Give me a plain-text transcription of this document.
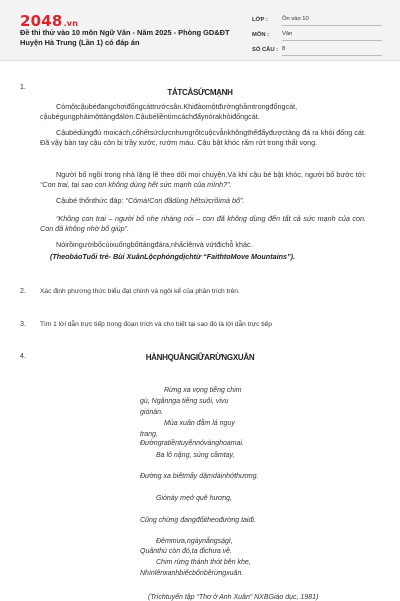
2048.vn
Đề thi thử vào 10 môn Ngữ Văn - Năm 2025 - Phòng GD&ĐT Huyện Hà Trung (Lần 1) có đáp án
LỚP : Ôn vào 10
MÔN : Văn
SỐ CÂU : 8
1.
TÁTCẢSỨCMẠNH
Cómộtcậubéđangchơiđốngcáttrướcsân.Khiđàomộtđườnghầmtrongđốngcát, cậubégụngphảimộttảngđálớn.Cậubéliềntìmcáchđẩynórakhỏiđốngcát.
Cậubédùngđủ moicách,cốhếtsứclựcnhưngrốtcuộcvẫnkhôngthểđẩyđượctảng đá ra khỏi đống cát. Đã vậy bàn tay cậu còn bị trầy xước, rướm máu. Cậu bật khóc rấm rứt trong thất vọng.
Người bố ngồi trong nhà lặng lẽ theo dõi mọi chuyện.Và khi cậu bé bật khóc, người bố bước tới: “Con trai, tại sao con không dùng hết sức mạnh của mình?”.
Cậubé thổnthức đáp: “Cómà!Con đãdùng hếtsứcrồimà bố”.
“Không con trai – người bố nhẹ nhàng nói – con đã không dùng đến tất cả sức mạnh của con. Con đã không nhờ bố giúp”.
Nóirồingườibốcúixuốngbốttảngđára,nhấclênvà vứtđichỗ khác.
(TheobáoTuổi trẻ- Bùi XuânLộcphỏngdịchtừ “FaithtoMove Mountains”).
2. Xác định phương thức biểu đạt chính và ngôi kể của phần trích trên.
3. Tìm 1 lời dẫn trực tiếp trong đoạn trích và cho biết tại sao đó là lời dẫn trực tiếp
4.	HÀNHQUÂNGIỮARỪNGXUÂN
Rừng xa vọng tiếng chim
gù, Ngânnga tiếng suối, vivu
giónàn.
Mùa xuân đằm lá nguy
trang,
Đườngratiềntuyếnnóvànghoamai.
Ba lô nặng, súng cầmtay,
Đường xa biếtmấy dặmdàinhớthương.
Giónày mẹở quê hương,
Cũng chừng đangđốitheođường taiđi.
Đêmmưa,ngàynắngsá̤gì,
Quânthù còn đó,ta đichưa về.
Chim rừng thánh thót bên khe,
Nhìnlênxanhbiếcbốnbềrừngxuân.
(Tríchtuyển tập “Thơ ở Anh Xuân” NXBGiáo dục, 1981)
